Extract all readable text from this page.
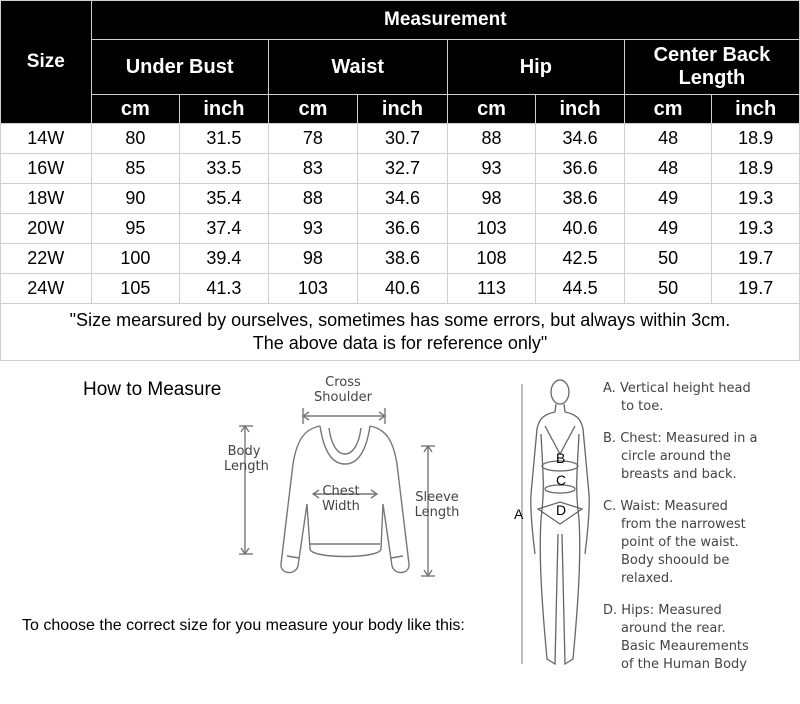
Size	Measurement							
	Under Bust		Waist		Hip		Center Back Length	
	cm	inch	cm	inch	cm	inch	cm	inch
14W	80	31.5	78	30.7	88	34.6	48	18.9
16W	85	33.5	83	32.7	93	36.6	48	18.9
18W	90	35.4	88	34.6	98	38.6	49	19.3
20W	95	37.4	93	36.6	103	40.6	49	19.3
22W	100	39.4	98	38.6	108	42.5	50	19.7
24W	105	41.3	103	40.6	113	44.5	50	19.7

"Size mearsured by ourselves, sometimes has some errors, but always within 3cm.
The above data is for reference only"								
How to Measure	Cross Shoulder
Body Length
Chest Width
Sleeve Length
To choose the correct size for you measure your body like this:
A
B
C
D
A. Vertical height head
to toe.
B. Chest: Measured in a
circle around the
breasts and back.
C. Waist: Measured
from the narrowest
point of the waist.
Body shoould be
relaxed.
D. Hips: Measured
around the rear.
Basic Meaurements
of the Human Body
